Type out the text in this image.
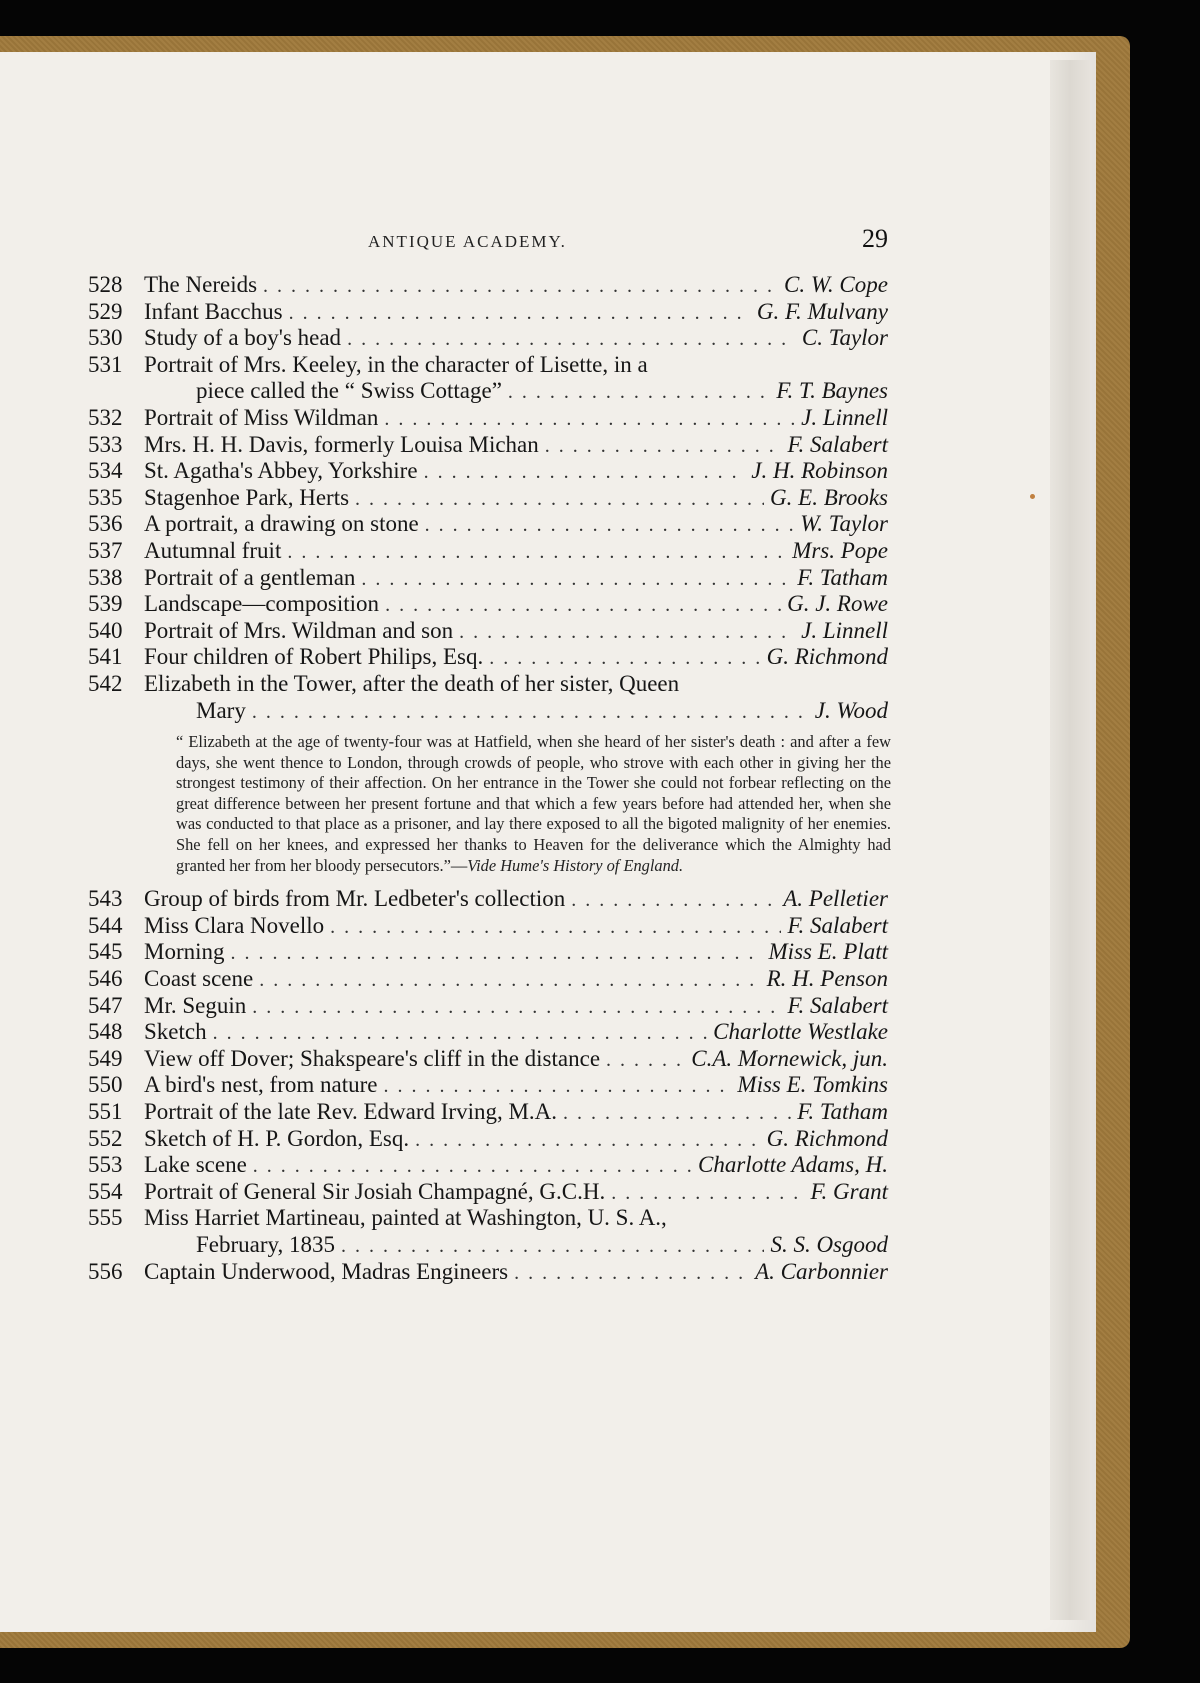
ANTIQUE ACADEMY.	29
528 The Nereids . . .	C. W. Cope
529 Infant Bacchus . . .	G. F. Mulvany
530 Study of a boy's head . . .	C. Taylor
531 Portrait of Mrs. Keeley, in the character of Lisette, in a
piece called the “ Swiss Cottage” . . .	F. T. Baynes
532 Portrait of Miss Wildman . . .	J. Linnell
533 Mrs. H. H. Davis, formerly Louisa Michan . . .	F. Salabert
534 St. Agatha's Abbey, Yorkshire . . .	J. H. Robinson
535 Stagenhoe Park, Herts . . .	G. E. Brooks
536 A portrait, a drawing on stone . . .	W. Taylor
537 Autumnal fruit . . .	Mrs. Pope
538 Portrait of a gentleman . . .	F. Tatham
539 Landscape—composition . . .	G. J. Rowe
540 Portrait of Mrs. Wildman and son . . .	J. Linnell
541 Four children of Robert Philips, Esq. . . .	G. Richmond
542 Elizabeth in the Tower, after the death of her sister, Queen
Mary . . .	J. Wood
“ Elizabeth at the age of twenty-four was at Hatfield, when she heard of her sister's death : and after a few days, she went thence to London, through crowds of people, who strove with each other in giving her the strongest testimony of their affection. On her entrance in the Tower she could not forbear reflecting on the great difference between her present fortune and that which a few years before had attended her, when she was conducted to that place as a prisoner, and lay there exposed to all the bigoted malignity of her enemies. She fell on her knees, and expressed her thanks to Heaven for the deliverance which the Almighty had granted her from her bloody persecutors.”—Vide Hume's History of England.
543 Group of birds from Mr. Ledbeter's collection . . .	A. Pelletier
544 Miss Clara Novello . . .	F. Salabert
545 Morning . . .	Miss E. Platt
546 Coast scene . . .	R. H. Penson
547 Mr. Seguin . . .	F. Salabert
548 Sketch . . .	Charlotte Westlake
549 View off Dover; Shakspeare's cliff in the distance . . .	C.A. Mornewick, jun.
550 A bird's nest, from nature . . .	Miss E. Tomkins
551 Portrait of the late Rev. Edward Irving, M.A. . . .	F. Tatham
552 Sketch of H. P. Gordon, Esq. . . .	G. Richmond
553 Lake scene . . .	Charlotte Adams, H.
554 Portrait of General Sir Josiah Champagné, G.C.H. . . .	F. Grant
555 Miss Harriet Martineau, painted at Washington, U. S. A.,
February, 1835 . . .	S. S. Osgood
556 Captain Underwood, Madras Engineers . . .	A. Carbonnier
